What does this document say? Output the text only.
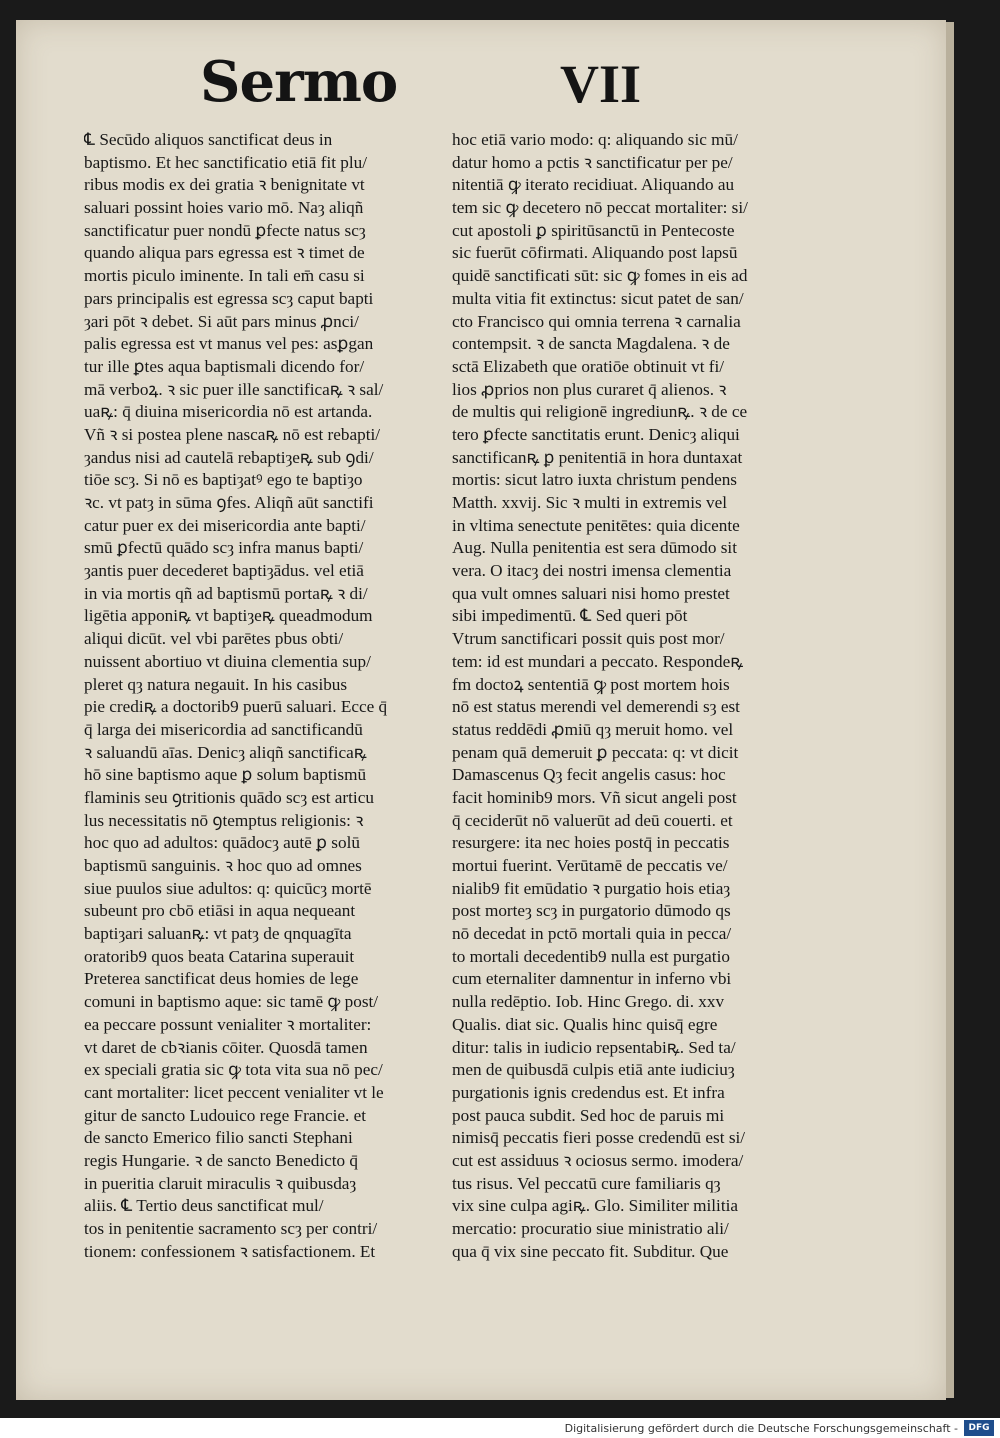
Sermo	VII
℄ Secūdo aliquos sanctificat deus in
baptismo. Et hec sanctificatio etiā fit plu/
ribus modis ex dei gratia ꝛ benignitate vt
saluari possint hoies vario mō. Naȝ aliqñ
sanctificatur puer nondū ꝑfecte natus scȝ
quando aliqua pars egressa est ꝛ timet de
mortis piculo iminente. In tali em̄ casu si
pars principalis est egressa scȝ caput bapti
ȝari pōt ꝛ debet. Si aūt pars minus ꝓnci/
palis egressa est vt manus vel pes: asꝑgan
tur ille ꝑtes aqua baptismali dicendo for/
mā verboꝝ. ꝛ sic puer ille sanctificaꝶ ꝛ sal/
uaꝶ: q̄ diuina misericordia nō est artanda.
Vñ ꝛ si postea plene nascaꝶ nō est rebapti/
ȝandus nisi ad cautelā rebaptiȝeꝶ sub ꝯdi/
tiōe scȝ. Si nō es baptiȝatꝰ ego te baptiȝo
ꝛc. vt patȝ in sūma ꝯfes. Aliqñ aūt sanctifi
catur puer ex dei misericordia ante bapti/
smū ꝑfectū quādo scȝ infra manus bapti/
ȝantis puer decederet baptiȝādus. vel etiā
in via mortis qñ ad baptismū portaꝶ ꝛ di/
ligētia apponiꝶ vt baptiȝeꝶ queadmodum
aliqui dicūt. vel vbi parētes pbus obti/
nuissent abortiuo vt diuina clementia sup/
pleret qȝ natura negauit. In his casibus
pie crediꝶ a doctorib9 puerū saluari. Ecce q̄
q̄ larga dei misericordia ad sanctificandū
ꝛ saluandū aīas. Denicȝ aliqñ sanctificaꝶ
hō sine baptismo aque ꝑ solum baptismū
flaminis seu ꝯtritionis quādo scȝ est articu
lus necessitatis nō ꝯtemptus religionis: ꝛ
hoc quo ad adultos: quādocȝ autē ꝑ solū
baptismū sanguinis. ꝛ hoc quo ad omnes
siue puulos siue adultos: q: quicūcȝ mortē
subeunt pro cbō etiāsi in aqua nequeant
baptiȝari saluanꝶ: vt patȝ de qnquagīta
oratorib9 quos beata Catarina superauit
Preterea sanctificat deus homies de lege
comuni in baptismo aque: sic tamē ꝙ post/
ea peccare possunt venialiter ꝛ mortaliter:
vt daret de cbꝛianis cōiter. Quosdā tamen
ex speciali gratia sic ꝙ tota vita sua nō pec/
cant mortaliter: licet peccent venialiter vt le
gitur de sancto Ludouico rege Francie. et
de sancto Emerico filio sancti Stephani
regis Hungarie. ꝛ de sancto Benedicto q̄
in pueritia claruit miraculis ꝛ quibusdaȝ
aliis. ℄ Tertio deus sanctificat mul/
tos in penitentie sacramento scȝ per contri/
tionem: confessionem ꝛ satisfactionem. Et
hoc etiā vario modo: q: aliquando sic mū/
datur homo a pctis ꝛ sanctificatur per pe/
nitentiā ꝙ iterato recidiuat. Aliquando au
tem sic ꝙ decetero nō peccat mortaliter: si/
cut apostoli ꝑ spiritūsanctū in Pentecoste
sic fuerūt cōfirmati. Aliquando post lapsū
quidē sanctificati sūt: sic ꝙ fomes in eis ad
multa vitia fit extinctus: sicut patet de san/
cto Francisco qui omnia terrena ꝛ carnalia
contempsit. ꝛ de sancta Magdalena. ꝛ de
sctā Elizabeth que oratiōe obtinuit vt fi/
lios ꝓprios non plus curaret q̄ alienos. ꝛ
de multis qui religionē ingrediunꝶ. ꝛ de ce
tero ꝑfecte sanctitatis erunt. Denicȝ aliqui
sanctificanꝶ ꝑ penitentiā in hora duntaxat
mortis: sicut latro iuxta christum pendens
Matth. xxvij. Sic ꝛ multi in extremis vel
in vltima senectute penitētes: quia dicente
Aug. Nulla penitentia est sera dūmodo sit
vera. O itacȝ dei nostri imensa clementia
qua vult omnes saluari nisi homo prestet
sibi impedimentū. ℄ Sed queri pōt
Vtrum sanctificari possit quis post mor/
tem: id est mundari a peccato. Respondeꝶ
fm doctoꝝ sententiā ꝙ post mortem hois
nō est status merendi vel demerendi sȝ est
status reddēdi ꝓmiū qȝ meruit homo. vel
penam quā demeruit ꝑ peccata: q: vt dicit
Damascenus Qȝ fecit angelis casus: hoc
facit hominib9 mors. Vñ sicut angeli post
q̄ ceciderūt nō valuerūt ad deū couerti. et
resurgere: ita nec hoies postq̄ in peccatis
mortui fuerint. Verūtamē de peccatis ve/
nialib9 fit emūdatio ꝛ purgatio hois etiaȝ
post morteȝ scȝ in purgatorio dūmodo qs
nō decedat in pctō mortali quia in pecca/
to mortali decedentib9 nulla est purgatio
cum eternaliter damnentur in inferno vbi
nulla redēptio. Iob. Hinc Grego. di. xxv
Qualis. diat sic. Qualis hinc quisq̄ egre
ditur: talis in iudicio repsentabiꝶ. Sed ta/
men de quibusdā culpis etiā ante iudiciuȝ
purgationis ignis credendus est. Et infra
post pauca subdit. Sed hoc de paruis mi
nimisq̄ peccatis fieri posse credendū est si/
cut est assiduus ꝛ ociosus sermo. imodera/
tus risus. Vel peccatū cure familiaris qȝ
vix sine culpa agiꝶ. Glo. Similiter militia
mercatio: procuratio siue ministratio ali/
qua q̄ vix sine peccato fit. Subditur. Que
Digitalisierung gefördert durch die Deutsche Forschungsgemeinschaft -	DFG
